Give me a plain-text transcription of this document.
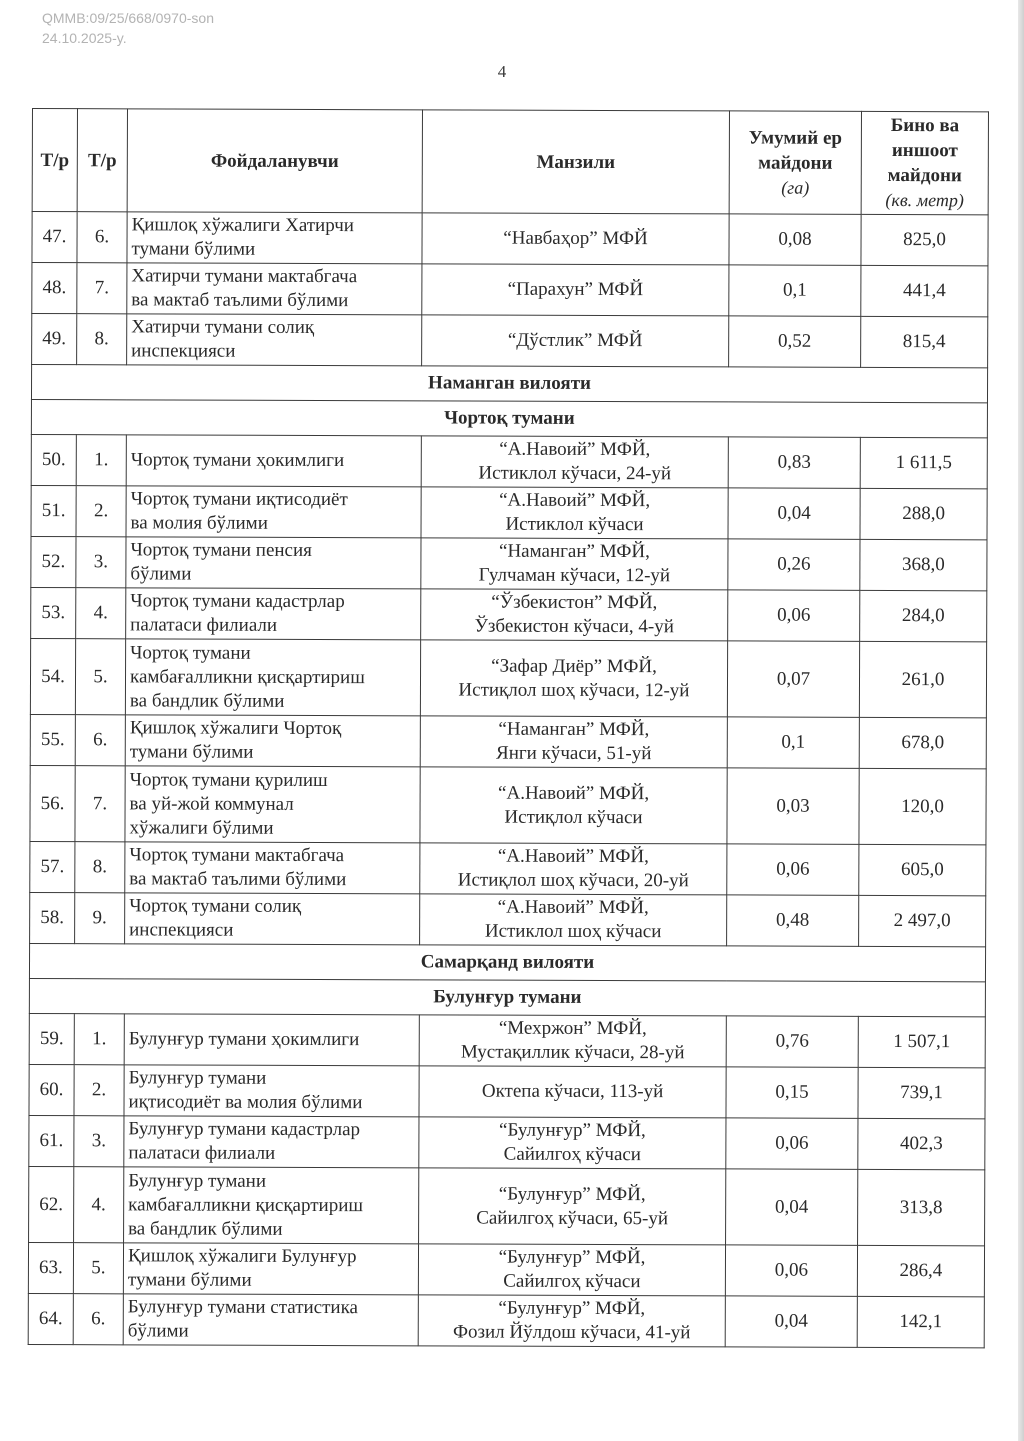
QMMB:09/25/668/0970-son
24.10.2025-y.
4
Т/р	Т/р	Фойдаланувчи	Манзили	Умумий ер майдони
(га)	Бино ва иншоот майдони
(кв. метр)

47.	6.	Қишлоқ хўжалиги Хатирчи
тумани бўлими	“Навбаҳор” МФЙ	0,08	825,0
48.	7.	Хатирчи тумани мактабгача
ва мактаб таълими бўлими	“Парахун” МФЙ	0,1	441,4
49.	8.	Хатирчи тумани солиқ
инспекцияси	“Дўстлик” МФЙ	0,52	815,4
Наманган вилояти					
Чортоқ тумани					
50.	1.	Чортоқ тумани ҳокимлиги	“А.Навоий” МФЙ,
Истиклол кўчаси, 24-уй	0,83	1 611,5
51.	2.	Чортоқ тумани иқтисодиёт
ва молия бўлими	“А.Навоий” МФЙ,
Истиклол кўчаси	0,04	288,0
52.	3.	Чортоқ тумани пенсия
бўлими	“Наманган” МФЙ,
Гулчаман кўчаси, 12-уй	0,26	368,0
53.	4.	Чортоқ тумани кадастрлар
палатаси филиали	“Ўзбекистон” МФЙ,
Ўзбекистон кўчаси, 4-уй	0,06	284,0
54.	5.	Чортоқ тумани
камбағалликни қисқартириш
ва бандлик бўлими	“Зафар Диёр” МФЙ,
Истиқлол шоҳ кўчаси, 12-уй	0,07	261,0
55.	6.	Қишлоқ хўжалиги Чортоқ
тумани бўлими	“Наманган” МФЙ,
Янги кўчаси, 51-уй	0,1	678,0
56.	7.	Чортоқ тумани қурилиш
ва уй-жой коммунал
хўжалиги бўлими	“А.Навоий” МФЙ,
Истиқлол кўчаси	0,03	120,0
57.	8.	Чортоқ тумани мактабгача
ва мактаб таълими бўлими	“А.Навоий” МФЙ,
Истиқлол шоҳ кўчаси, 20-уй	0,06	605,0
58.	9.	Чортоқ тумани солиқ
инспекцияси	“А.Навоий” МФЙ,
Истиклол шоҳ кўчаси	0,48	2 497,0
Самарқанд вилояти					
Булунғур тумани					
59.	1.	Булунғур тумани ҳокимлиги	“Мехржон” МФЙ,
Мустақиллик кўчаси, 28-уй	0,76	1 507,1
60.	2.	Булунғур тумани
иқтисодиёт ва молия бўлими	Октепа кўчаси, 113-уй	0,15	739,1
61.	3.	Булунғур тумани кадастрлар
палатаси филиали	“Булунғур” МФЙ,
Сайилгоҳ кўчаси	0,06	402,3
62.	4.	Булунғур тумани
камбағалликни қисқартириш
ва бандлик бўлими	“Булунғур” МФЙ,
Сайилгоҳ кўчаси, 65-уй	0,04	313,8
63.	5.	Қишлоқ хўжалиги Булунғур
тумани бўлими	“Булунғур” МФЙ,
Сайилгоҳ кўчаси	0,06	286,4
64.	6.	Булунғур тумани статистика
бўлими	“Булунғур” МФЙ,
Фозил Йўлдош кўчаси, 41-уй	0,04	142,1
